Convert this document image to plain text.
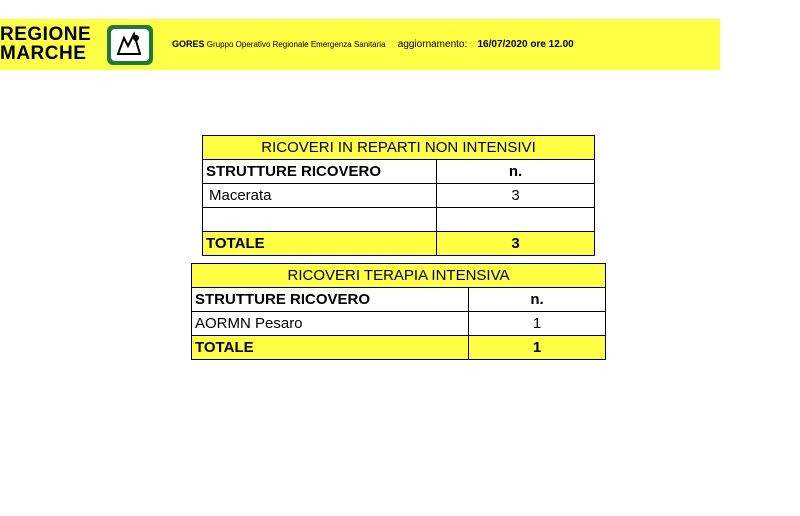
REGIONE
MARCHE	GORES Gruppo Operativo Regionale Emergenza Sanitaria aggiornamento: 16/07/2020 ore 12.00
RICOVERI IN REPARTI NON INTENSIVI	
STRUTTURE RICOVERO	n.
Macerata	3

TOTALE	3
RICOVERI TERAPIA INTENSIVA	
STRUTTURE RICOVERO	n.
AORMN Pesaro	1
TOTALE	1
